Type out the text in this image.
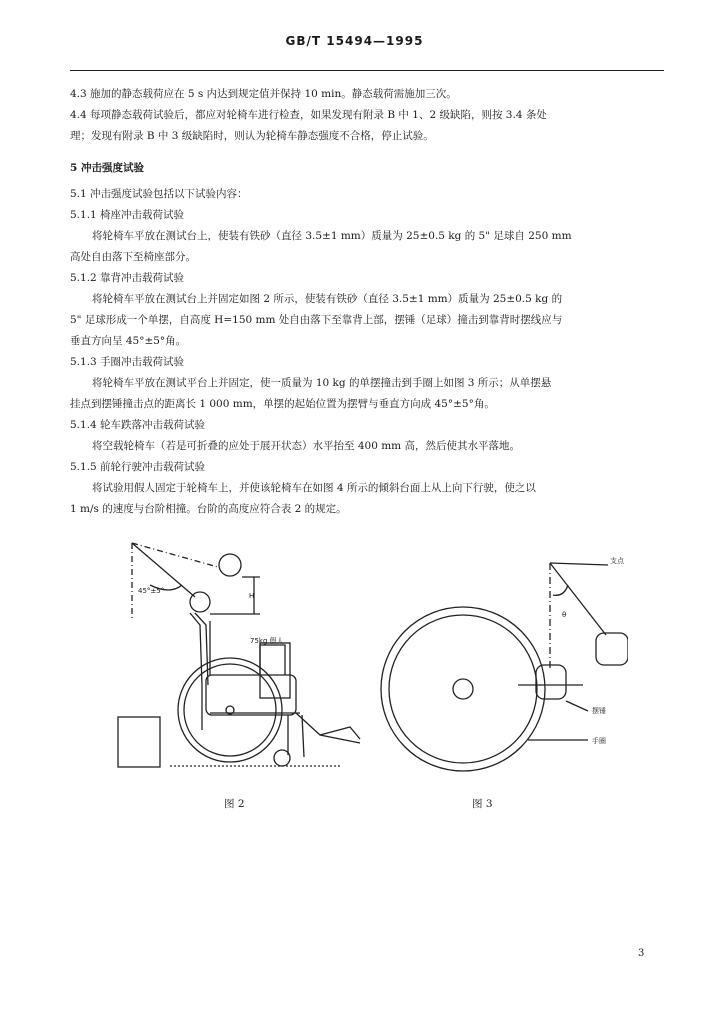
GB/T 15494—1995
4.3 施加的静态载荷应在 5 s 内达到规定值并保持 10 min。静态载荷需施加三次。
4.4 每项静态载荷试验后，都应对轮椅车进行检查，如果发现有附录 B 中 1、2 级缺陷，则按 3.4 条处
理；发现有附录 B 中 3 级缺陷时，则认为轮椅车静态强度不合格，停止试验。
5 冲击强度试验
5.1 冲击强度试验包括以下试验内容：
5.1.1 椅座冲击载荷试验
将轮椅车平放在测试台上，使装有铁砂（直径 3.5±1 mm）质量为 25±0.5 kg 的 5" 足球自 250 mm
高处自由落下至椅座部分。
5.1.2 靠背冲击载荷试验
将轮椅车平放在测试台上并固定如图 2 所示，使装有铁砂（直径 3.5±1 mm）质量为 25±0.5 kg 的
5" 足球形成一个单摆，自高度 H=150 mm 处自由落下至靠背上部，摆锤（足球）撞击到靠背时摆线应与
垂直方向呈 45°±5°角。
5.1.3 手圈冲击载荷试验
将轮椅车平放在测试平台上并固定，使一质量为 10 kg 的单摆撞击到手圈上如图 3 所示；从单摆悬
挂点到摆锤撞击点的距离长 1 000 mm，单摆的起始位置为摆臂与垂直方向成 45°±5°角。
5.1.4 轮车跌落冲击载荷试验
将空载轮椅车（若是可折叠的应处于展开状态）水平抬至 400 mm 高，然后使其水平落地。
5.1.5 前轮行驶冲击载荷试验
将试验用假人固定于轮椅车上，并使该轮椅车在如图 4 所示的倾斜台面上从上向下行驶，使之以
1 m/s 的速度与台阶相撞。台阶的高度应符合表 2 的规定。
45°±5°
H
75kg 假人
支点
θ
摆锤
手圈
图 2	图 3
3
